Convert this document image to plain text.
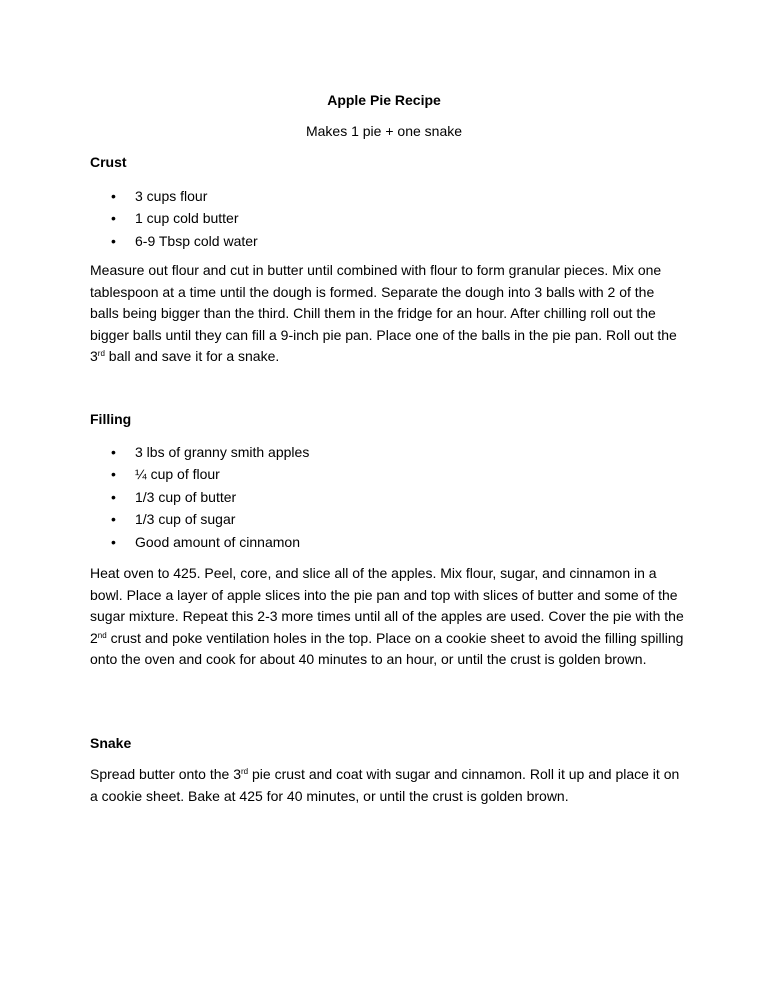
Apple Pie Recipe
Makes 1 pie + one snake
Crust
• 3 cups flour
• 1 cup cold butter
• 6-9 Tbsp cold water
Measure out flour and cut in butter until combined with flour to form granular pieces. Mix one tablespoon at a time until the dough is formed. Separate the dough into 3 balls with 2 of the balls being bigger than the third. Chill them in the fridge for an hour. After chilling roll out the bigger balls until they can fill a 9-inch pie pan. Place one of the balls in the pie pan. Roll out the 3rd ball and save it for a snake.
Filling
• 3 lbs of granny smith apples
• ¼ cup of flour
• 1/3 cup of butter
• 1/3 cup of sugar
• Good amount of cinnamon
Heat oven to 425. Peel, core, and slice all of the apples. Mix flour, sugar, and cinnamon in a bowl. Place a layer of apple slices into the pie pan and top with slices of butter and some of the sugar mixture. Repeat this 2-3 more times until all of the apples are used. Cover the pie with the 2nd crust and poke ventilation holes in the top. Place on a cookie sheet to avoid the filling spilling onto the oven and cook for about 40 minutes to an hour, or until the crust is golden brown.
Snake
Spread butter onto the 3rd pie crust and coat with sugar and cinnamon. Roll it up and place it on a cookie sheet. Bake at 425 for 40 minutes, or until the crust is golden brown.
